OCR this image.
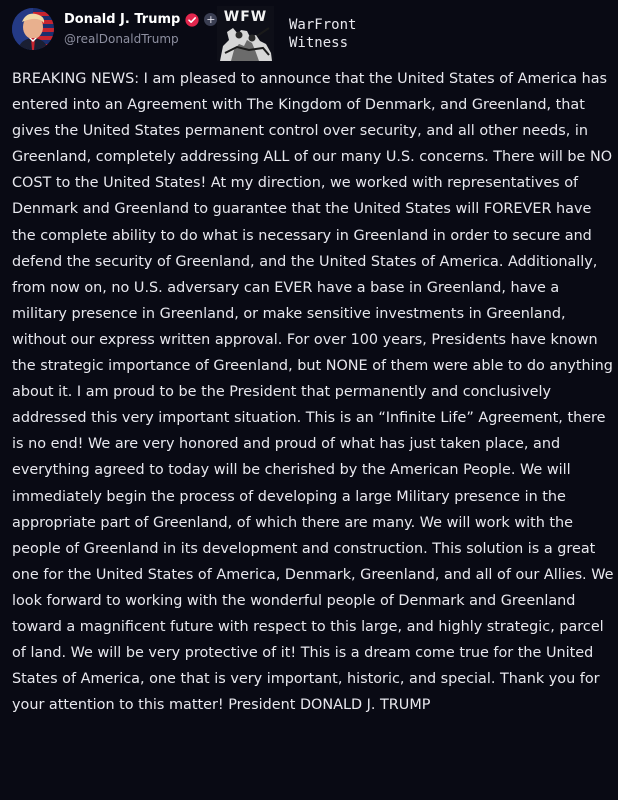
Donald J. Trump +
@realDonaldTrump
WFW WarFront
Witness

BREAKING NEWS: I am pleased to announce that the United States of America has entered into an Agreement with The Kingdom of Denmark, and Greenland, that gives the United States permanent control over security, and all other needs, in Greenland, completely addressing ALL of our many U.S. concerns. There will be NO COST to the United States! At my direction, we worked with representatives of Denmark and Greenland to guarantee that the United States will FOREVER have the complete ability to do what is necessary in Greenland in order to secure and defend the security of Greenland, and the United States of America. Additionally, from now on, no U.S. adversary can EVER have a base in Greenland, have a military presence in Greenland, or make sensitive investments in Greenland, without our express written approval. For over 100 years, Presidents have known the strategic importance of Greenland, but NONE of them were able to do anything about it. I am proud to be the President that permanently and conclusively addressed this very important situation. This is an “Infinite Life” Agreement, there is no end! We are very honored and proud of what has just taken place, and everything agreed to today will be cherished by the American People. We will immediately begin the process of developing a large Military presence in the appropriate part of Greenland, of which there are many. We will work with the people of Greenland in its development and construction. This solution is a great one for the United States of America, Denmark, Greenland, and all of our Allies. We look forward to working with the wonderful people of Denmark and Greenland toward a magnificent future with respect to this large, and highly strategic, parcel of land. We will be very protective of it! This is a dream come true for the United States of America, one that is very important, historic, and special. Thank you for your attention to this matter! President DONALD J. TRUMP
